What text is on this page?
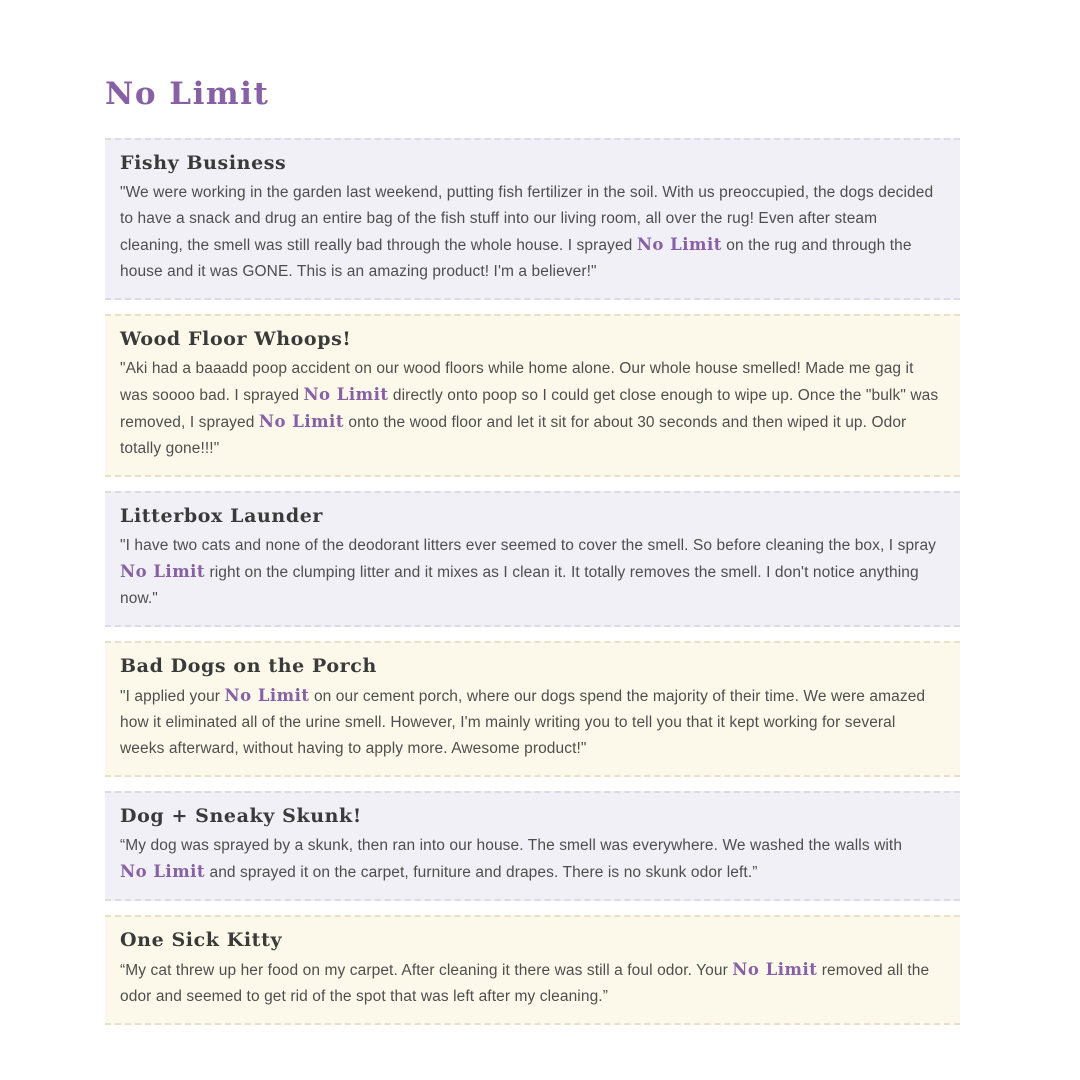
No Limit
Fishy Business

"We were working in the garden last weekend, putting fish fertilizer in the soil. With us preoccupied, the dogs decided to have a snack and drug an entire bag of the fish stuff into our living room, all over the rug! Even after steam cleaning, the smell was still really bad through the whole house. I sprayed No Limit on the rug and through the house and it was GONE. This is an amazing product! I'm a believer!"

Wood Floor Whoops!

"Aki had a baaadd poop accident on our wood floors while home alone. Our whole house smelled! Made me gag it was soooo bad. I sprayed No Limit directly onto poop so I could get close enough to wipe up. Once the "bulk" was removed, I sprayed No Limit onto the wood floor and let it sit for about 30 seconds and then wiped it up. Odor totally gone!!!"

Litterbox Launder

"I have two cats and none of the deodorant litters ever seemed to cover the smell. So before cleaning the box, I spray No Limit right on the clumping litter and it mixes as I clean it. It totally removes the smell. I don't notice anything now."

Bad Dogs on the Porch

"I applied your No Limit on our cement porch, where our dogs spend the majority of their time. We were amazed how it eliminated all of the urine smell. However, I'm mainly writing you to tell you that it kept working for several weeks afterward, without having to apply more. Awesome product!"

Dog + Sneaky Skunk!

“My dog was sprayed by a skunk, then ran into our house. The smell was everywhere. We washed the walls with No Limit and sprayed it on the carpet, furniture and drapes. There is no skunk odor left.”

One Sick Kitty

“My cat threw up her food on my carpet. After cleaning it there was still a foul odor. Your No Limit removed all the odor and seemed to get rid of the spot that was left after my cleaning.”
